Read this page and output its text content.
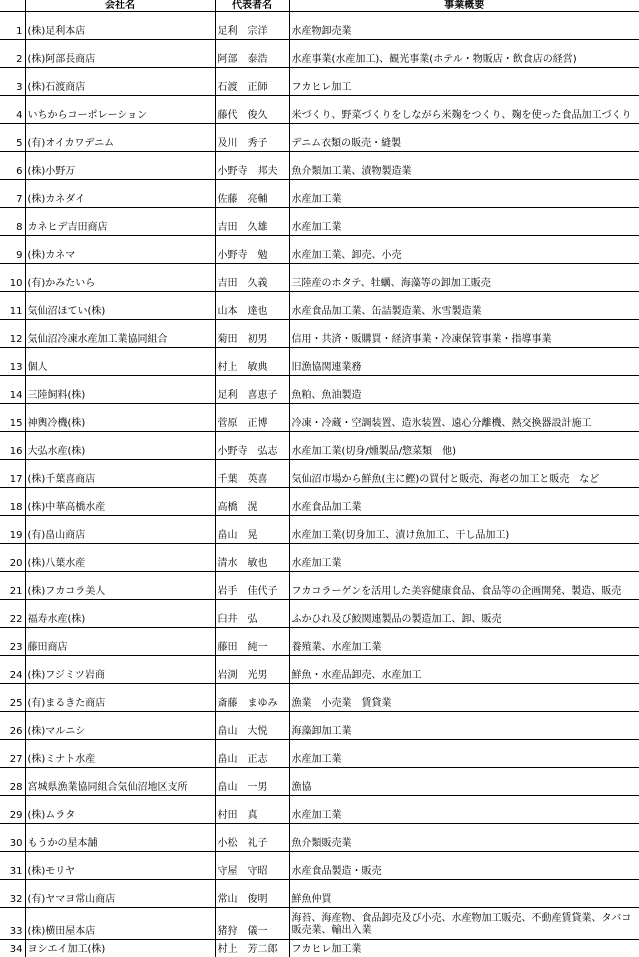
	会社名	代表者名	事業概要
1	(株)足利本店	足利　宗洋	水産物卸売業
2	(株)阿部長商店	阿部　泰浩	水産事業(水産加工)、観光事業(ホテル・物販店・飲食店の経営)
3	(株)石渡商店	石渡　正師	フカヒレ加工
4	いちからコーポレーション	藤代　俊久	米づくり、野菜づくりをしながら米麹をつくり、麹を使った食品加工づくり
5	(有)オイカワデニム	及川　秀子	デニム衣類の販売・縫製
6	(株)小野万	小野寺　邦夫	魚介類加工業、漬物製造業
7	(株)カネダイ	佐藤　亮輔	水産加工業
8	カネヒデ吉田商店	吉田　久雄	水産加工業
9	(株)カネマ	小野寺　勉	水産加工業、卸売、小売
10	(有)かみたいら	吉田　久義	三陸産のホタテ、牡蠣、海藻等の卸加工販売
11	気仙沼ほてい(株)	山本　達也	水産食品加工業、缶詰製造業、氷雪製造業
12	気仙沼冷凍水産加工業協同組合	菊田　初男	信用・共済・販購買・経済事業・冷凍保管事業・指導事業
13	個人	村上　敏典	旧漁協関連業務
14	三陸飼料(株)	足利　喜恵子	魚粕、魚油製造
15	神輿冷機(株)	菅原　正博	冷凍・冷蔵・空調装置、造氷装置、遠心分離機、熱交換器設計施工
16	大弘水産(株)	小野寺　弘志	水産加工業(切身/燻製品/惣菜類　他)
17	(株)千葉喜商店	千葉　英喜	気仙沼市場から鮮魚(主に鰹)の買付と販売、海老の加工と販売　など
18	(株)中華高橋水産	高橋　滉	水産食品加工業
19	(有)畠山商店	畠山　晃	水産加工業(切身加工、漬け魚加工、干し品加工)
20	(株)八葉水産	清水　敏也	水産加工業
21	(株)フカコラ美人	岩手　佳代子	フカコラーゲンを活用した美容健康食品、食品等の企画開発、製造、販売
22	福寿水産(株)	臼井　弘	ふかひれ及び鮫関連製品の製造加工、卸、販売
23	藤田商店	藤田　純一	養殖業、水産加工業
24	(株)フジミツ岩商	岩渕　光男	鮮魚・水産品卸売、水産加工
25	(有)まるきた商店	斎藤　まゆみ	漁業　小売業　賃貸業
26	(株)マルニシ	畠山　大悦	海藻卸加工業
27	(株)ミナト水産	畠山　正志	水産加工業
28	宮城県漁業協同組合気仙沼地区支所	畠山　一男	漁協
29	(株)ムラタ	村田　真	水産加工業
30	もうかの星本舗	小松　礼子	魚介類販売業
31	(株)モリヤ	守屋　守昭	水産食品製造・販売
32	(有)ヤマヨ常山商店	常山　俊明	鮮魚仲買
33	(株)横田屋本店	猪狩　儀一	海苔、海産物、食品卸売及び小売、水産物加工販売、不動産賃貸業、タバコ販売業、輸出入業
34	ヨシエイ加工(株)	村上　芳二郎	フカヒレ加工業
